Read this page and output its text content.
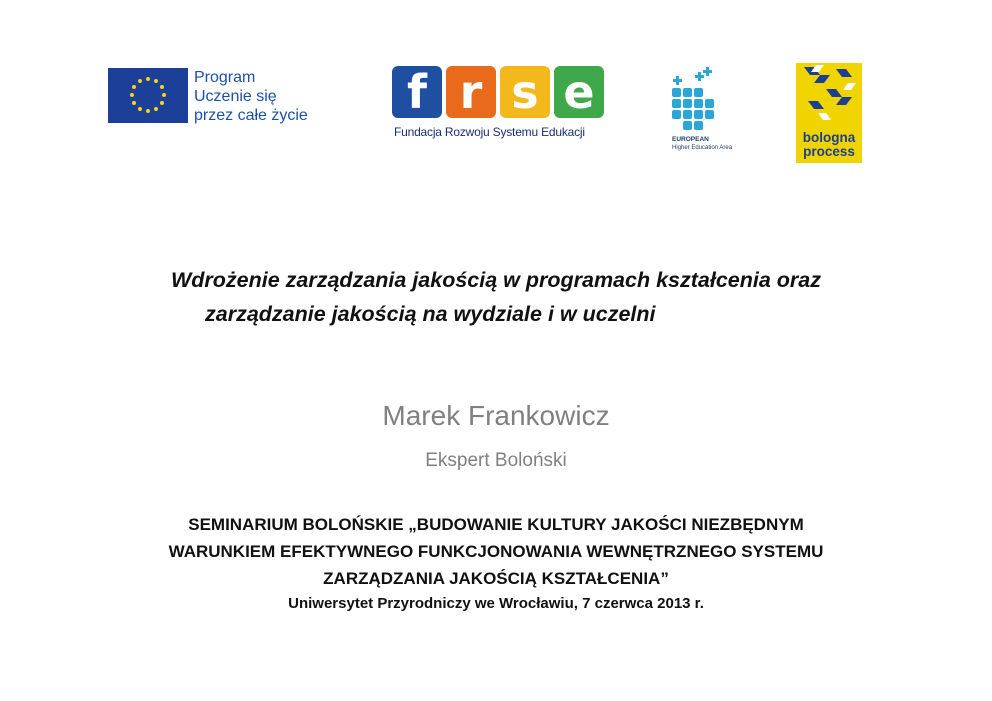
Program
Uczenie się
przez całe życie	f r s e
Fundacja Rozwoju Systemu Edukacji
EUROPEAN
Higher Education Area
bologna
process
Wdrożenie zarządzania jakością w programach kształcenia oraz
zarządzanie jakością na wydziale i w uczelni
Marek Frankowicz
Ekspert Boloński
SEMINARIUM BOLOŃSKIE „BUDOWANIE KULTURY JAKOŚCI NIEZBĘDNYM
WARUNKIEM EFEKTYWNEGO FUNKCJONOWANIA WEWNĘTRZNEGO SYSTEMU
ZARZĄDZANIA JAKOŚCIĄ KSZTAŁCENIA”
Uniwersytet Przyrodniczy we Wrocławiu, 7 czerwca 2013 r.
